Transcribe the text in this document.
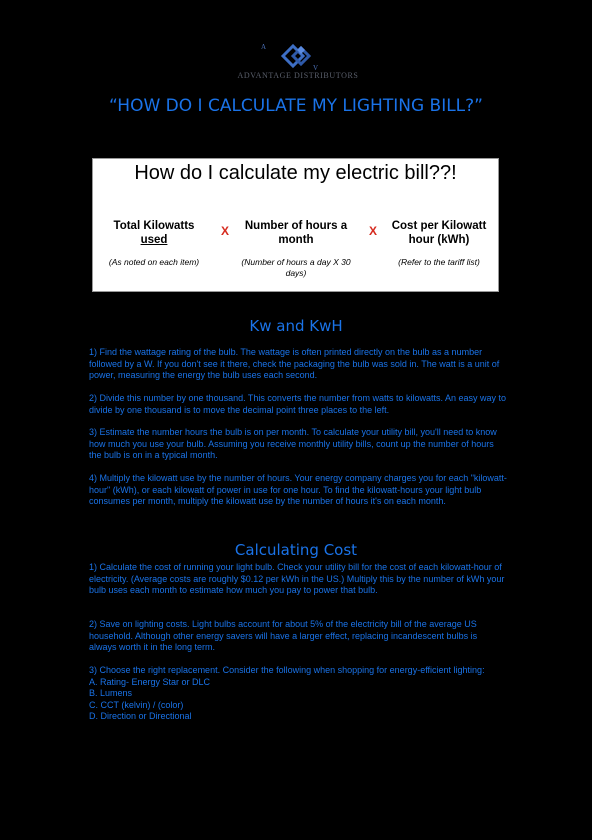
A
V
ADVANTAGE DISTRIBUTORS
“HOW DO I CALCULATE MY LIGHTING BILL?”
How do I calculate my electric bill??!
Total Kilowatts
used
(As noted on each item)
X	Number of hours a month
(Number of hours a day X 30 days)
X	Cost per Kilowatt hour (kWh)
(Refer to the tariff list)
Kw and KwH

1) Find the wattage rating of the bulb. The wattage is often printed directly on the bulb as a number followed by a W. If you don't see it there, check the packaging the bulb was sold in. The watt is a unit of power, measuring the energy the bulb uses each second.

2) Divide this number by one thousand. This converts the number from watts to kilowatts. An easy way to divide by one thousand is to move the decimal point three places to the left.

3) Estimate the number hours the bulb is on per month. To calculate your utility bill, you'll need to know how much you use your bulb. Assuming you receive monthly utility bills, count up the number of hours the bulb is on in a typical month.

4) Multiply the kilowatt use by the number of hours. Your energy company charges you for each "kilowatt-hour" (kWh), or each kilowatt of power in use for one hour. To find the kilowatt-hours your light bulb consumes per month, multiply the kilowatt use by the number of hours it's on each month.

Calculating Cost

1) Calculate the cost of running your light bulb. Check your utility bill for the cost of each kilowatt-hour of electricity. (Average costs are roughly $0.12 per kWh in the US.) Multiply this by the number of kWh your bulb uses each month to estimate how much you pay to power that bulb.

2) Save on lighting costs. Light bulbs account for about 5% of the electricity bill of the average US household. Although other energy savers will have a larger effect, replacing incandescent bulbs is always worth it in the long term.

3) Choose the right replacement. Consider the following when shopping for energy-efficient lighting:
A. Rating- Energy Star or DLC
B. Lumens
C. CCT (kelvin) / (color)
D. Direction or Directional
